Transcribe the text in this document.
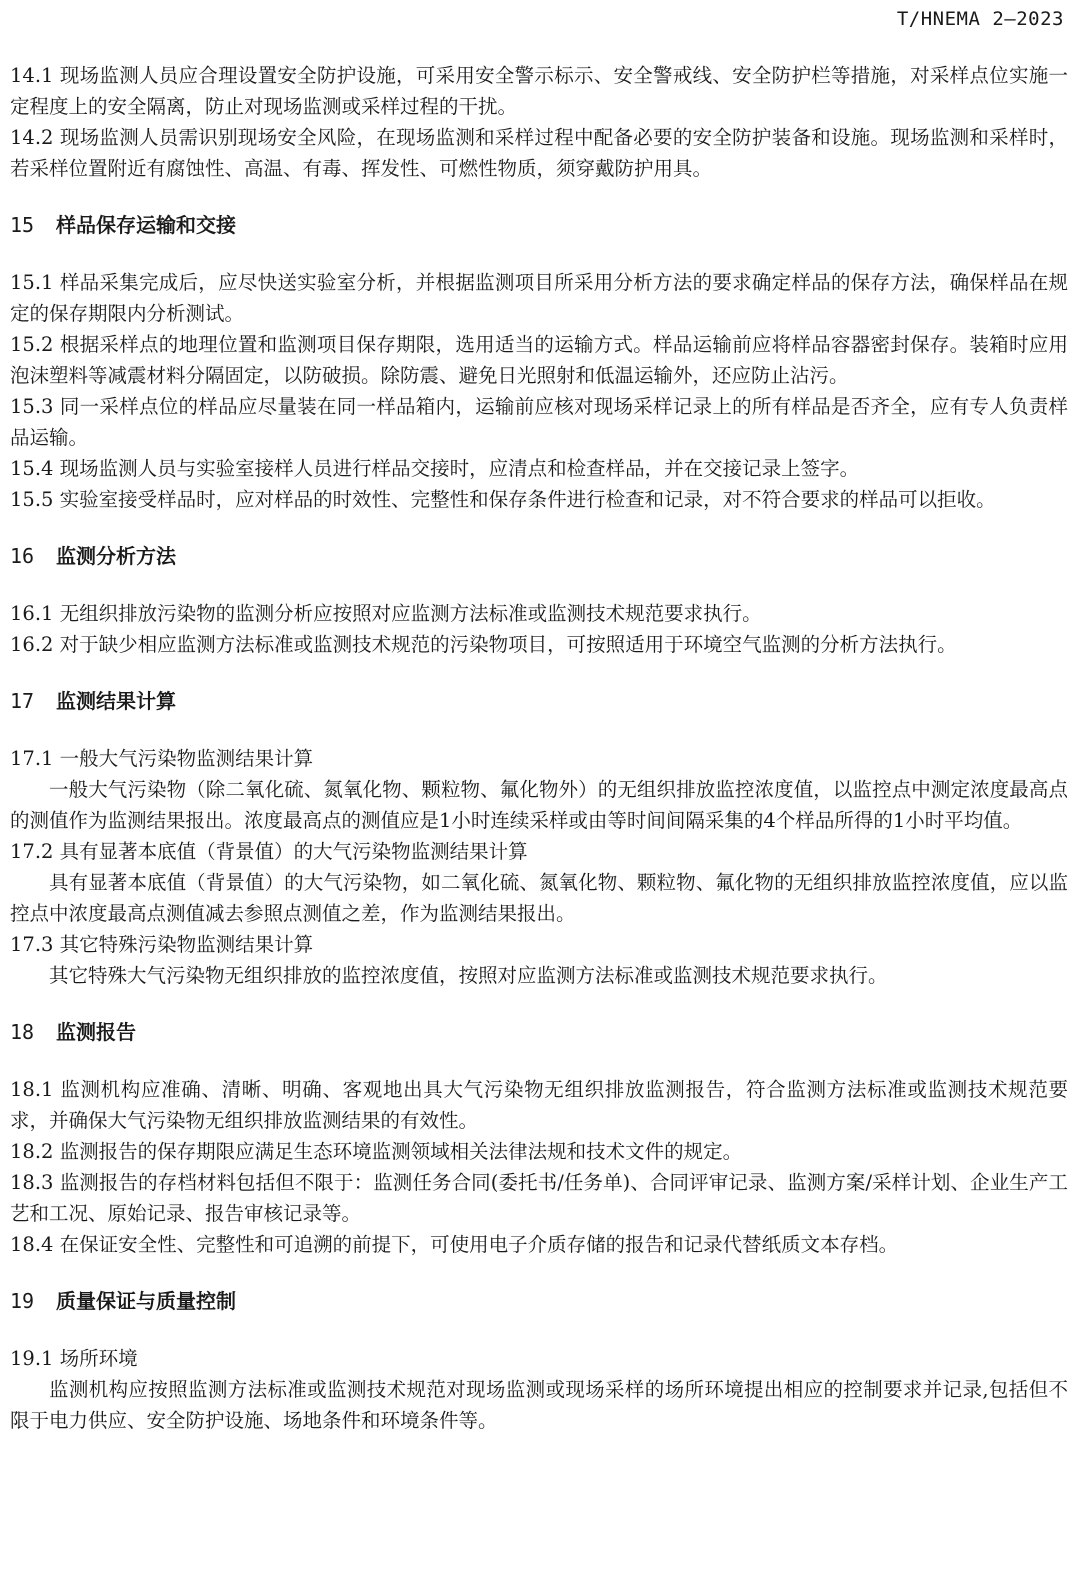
T/HNEMA 2—2023

14.1 现场监测人员应合理设置安全防护设施，可采用安全警示标示、安全警戒线、安全防护栏等措施，对采样点位实施一定程度上的安全隔离，防止对现场监测或采样过程的干扰。

14.2 现场监测人员需识别现场安全风险，在现场监测和采样过程中配备必要的安全防护装备和设施。现场监测和采样时，若采样位置附近有腐蚀性、高温、有毒、挥发性、可燃性物质，须穿戴防护用具。

15 样品保存运输和交接

15.1 样品采集完成后，应尽快送实验室分析，并根据监测项目所采用分析方法的要求确定样品的保存方法，确保样品在规定的保存期限内分析测试。

15.2 根据采样点的地理位置和监测项目保存期限，选用适当的运输方式。样品运输前应将样品容器密封保存。装箱时应用泡沫塑料等减震材料分隔固定，以防破损。除防震、避免日光照射和低温运输外，还应防止沾污。

15.3 同一采样点位的样品应尽量装在同一样品箱内，运输前应核对现场采样记录上的所有样品是否齐全，应有专人负责样品运输。

15.4 现场监测人员与实验室接样人员进行样品交接时，应清点和检查样品，并在交接记录上签字。

15.5 实验室接受样品时，应对样品的时效性、完整性和保存条件进行检查和记录，对不符合要求的样品可以拒收。

16 监测分析方法

16.1 无组织排放污染物的监测分析应按照对应监测方法标准或监测技术规范要求执行。

16.2 对于缺少相应监测方法标准或监测技术规范的污染物项目，可按照适用于环境空气监测的分析方法执行。

17 监测结果计算

17.1 一般大气污染物监测结果计算

一般大气污染物（除二氧化硫、氮氧化物、颗粒物、氟化物外）的无组织排放监控浓度值，以监控点中测定浓度最高点的测值作为监测结果报出。浓度最高点的测值应是1小时连续采样或由等时间间隔采集的4个样品所得的1小时平均值。

17.2 具有显著本底值（背景值）的大气污染物监测结果计算

具有显著本底值（背景值）的大气污染物，如二氧化硫、氮氧化物、颗粒物、氟化物的无组织排放监控浓度值，应以监控点中浓度最高点测值减去参照点测值之差，作为监测结果报出。

17.3 其它特殊污染物监测结果计算

其它特殊大气污染物无组织排放的监控浓度值，按照对应监测方法标准或监测技术规范要求执行。

18 监测报告

18.1 监测机构应准确、清晰、明确、客观地出具大气污染物无组织排放监测报告，符合监测方法标准或监测技术规范要求，并确保大气污染物无组织排放监测结果的有效性。

18.2 监测报告的保存期限应满足生态环境监测领域相关法律法规和技术文件的规定。

18.3 监测报告的存档材料包括但不限于：监测任务合同(委托书/任务单)、合同评审记录、监测方案/采样计划、企业生产工艺和工况、原始记录、报告审核记录等。

18.4 在保证安全性、完整性和可追溯的前提下，可使用电子介质存储的报告和记录代替纸质文本存档。

19 质量保证与质量控制

19.1 场所环境

监测机构应按照监测方法标准或监测技术规范对现场监测或现场采样的场所环境提出相应的控制要求并记录,包括但不限于电力供应、安全防护设施、场地条件和环境条件等。
